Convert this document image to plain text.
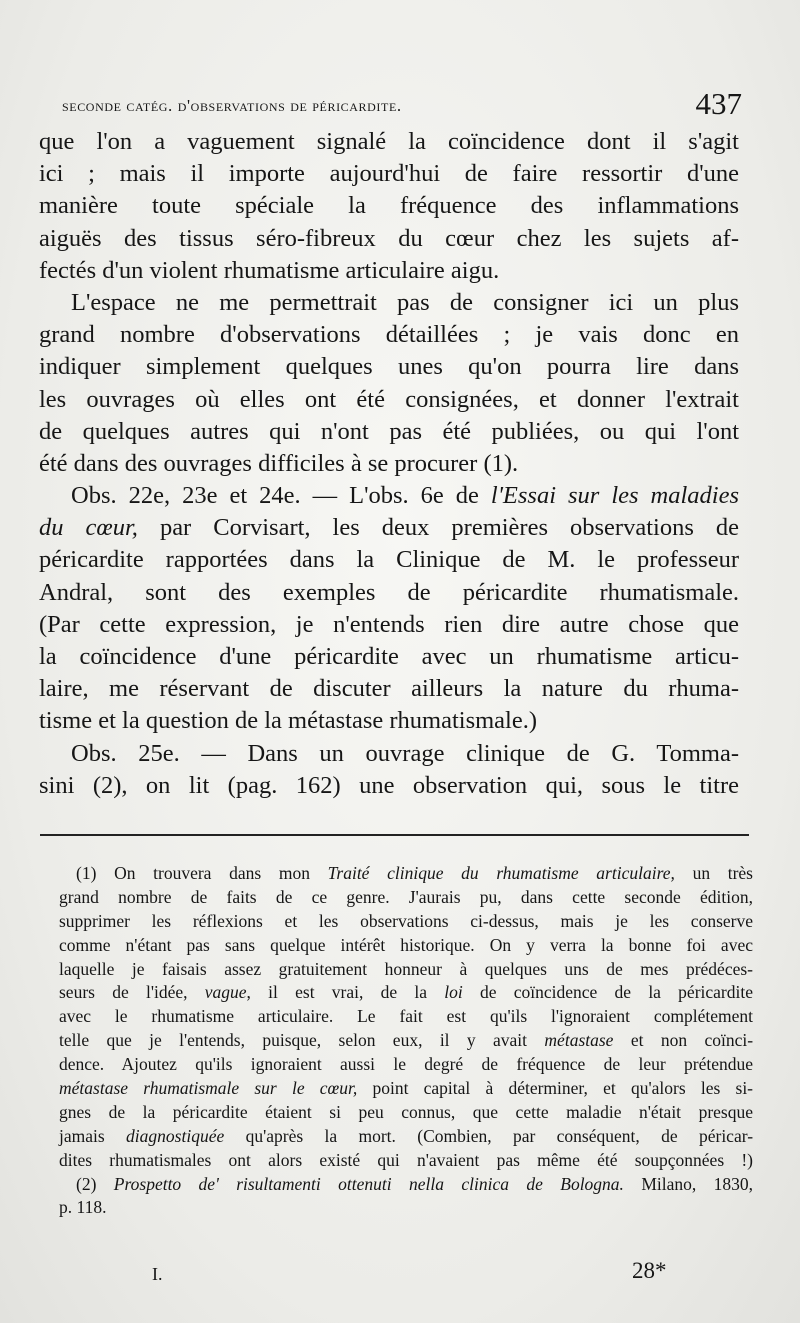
seconde catég. d'observations de péricardite.	437
que l'on a vaguement signalé la coïncidence dont il s'agit
ici ; mais il importe aujourd'hui de faire ressortir d'une
manière toute spéciale la fréquence des inflammations
aiguës des tissus séro-fibreux du cœur chez les sujets af-
fectés d'un violent rhumatisme articulaire aigu.
L'espace ne me permettrait pas de consigner ici un plus
grand nombre d'observations détaillées ; je vais donc en
indiquer simplement quelques unes qu'on pourra lire dans
les ouvrages où elles ont été consignées, et donner l'extrait
de quelques autres qui n'ont pas été publiées, ou qui l'ont
été dans des ouvrages difficiles à se procurer (1).
Obs. 22e, 23e et 24e. — L'obs. 6e de l'Essai sur les maladies
du cœur, par Corvisart, les deux premières observations de
péricardite rapportées dans la Clinique de M. le professeur
Andral, sont des exemples de péricardite rhumatismale.
(Par cette expression, je n'entends rien dire autre chose que
la coïncidence d'une péricardite avec un rhumatisme articu-
laire, me réservant de discuter ailleurs la nature du rhuma-
tisme et la question de la métastase rhumatismale.)
Obs. 25e. — Dans un ouvrage clinique de G. Tomma-
sini (2), on lit (pag. 162) une observation qui, sous le titre
(1) On trouvera dans mon Traité clinique du rhumatisme articulaire, un très
grand nombre de faits de ce genre. J'aurais pu, dans cette seconde édition,
supprimer les réflexions et les observations ci-dessus, mais je les conserve
comme n'étant pas sans quelque intérêt historique. On y verra la bonne foi avec
laquelle je faisais assez gratuitement honneur à quelques uns de mes prédéces-
seurs de l'idée, vague, il est vrai, de la loi de coïncidence de la péricardite
avec le rhumatisme articulaire. Le fait est qu'ils l'ignoraient complétement
telle que je l'entends, puisque, selon eux, il y avait métastase et non coïnci-
dence. Ajoutez qu'ils ignoraient aussi le degré de fréquence de leur prétendue
métastase rhumatismale sur le cœur, point capital à déterminer, et qu'alors les si-
gnes de la péricardite étaient si peu connus, que cette maladie n'était presque
jamais diagnostiquée qu'après la mort. (Combien, par conséquent, de péricar-
dites rhumatismales ont alors existé qui n'avaient pas même été soupçonnées !)
(2) Prospetto de' risultamenti ottenuti nella clinica de Bologna. Milano, 1830,
p. 118.
I.	28*
